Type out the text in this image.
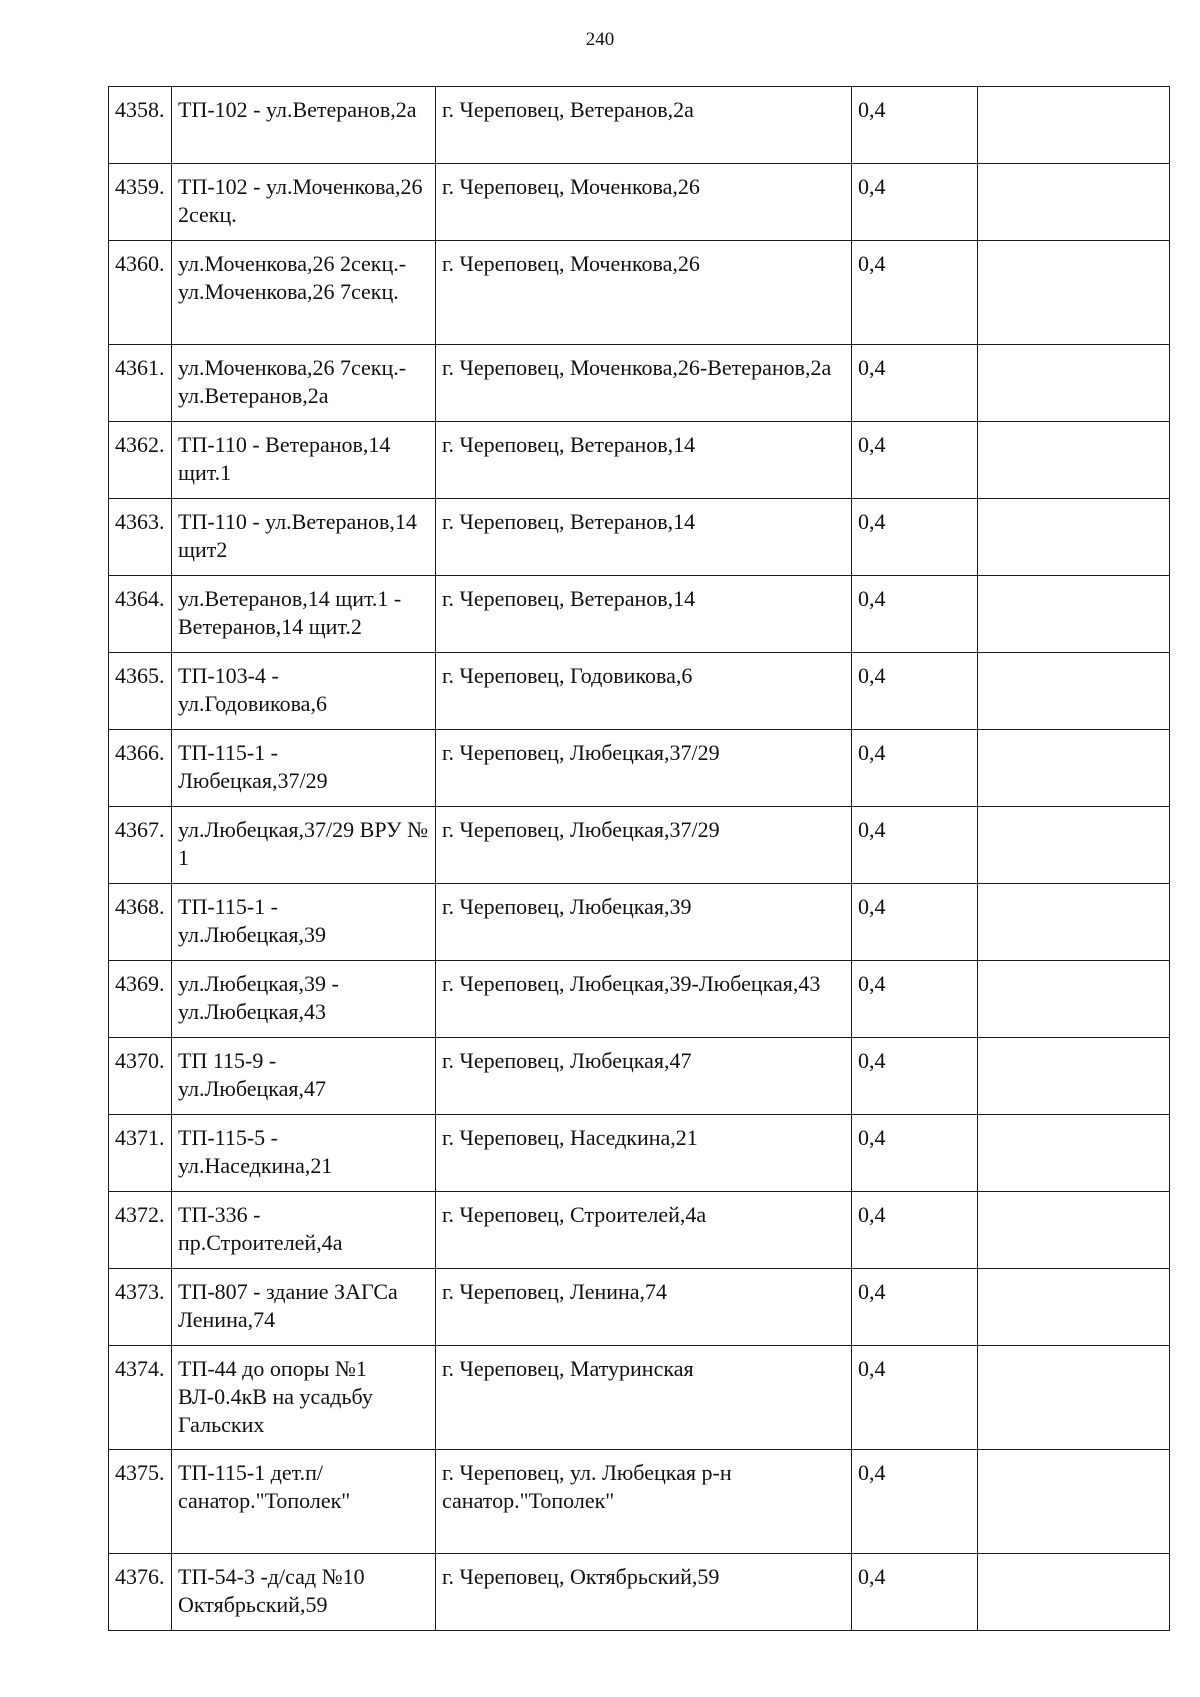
240
4358.	ТП-102 - ул.Ветеранов,2а	г. Череповец, Ветеранов,2а	0,4	
4359.	ТП-102 - ул.Моченкова,26 2секц.	г. Череповец, Моченкова,26	0,4	
4360.	ул.Моченкова,26 2секц.-ул.Моченкова,26 7секц.	г. Череповец, Моченкова,26	0,4	
4361.	ул.Моченкова,26 7секц.-ул.Ветеранов,2а	г. Череповец, Моченкова,26-Ветеранов,2а	0,4	
4362.	ТП-110 - Ветеранов,14 щит.1	г. Череповец, Ветеранов,14	0,4	
4363.	ТП-110 - ул.Ветеранов,14 щит2	г. Череповец, Ветеранов,14	0,4	
4364.	ул.Ветеранов,14 щит.1 - Ветеранов,14 щит.2	г. Череповец, Ветеранов,14	0,4	
4365.	ТП-103-4 - ул.Годовикова,6	г. Череповец, Годовикова,6	0,4	
4366.	ТП-115-1 - Любецкая,37/29	г. Череповец, Любецкая,37/29	0,4	
4367.	ул.Любецкая,37/29 ВРУ № 1	г. Череповец, Любецкая,37/29	0,4	
4368.	ТП-115-1 - ул.Любецкая,39	г. Череповец, Любецкая,39	0,4	
4369.	ул.Любецкая,39 - ул.Любецкая,43	г. Череповец, Любецкая,39-Любецкая,43	0,4	
4370.	ТП 115-9 - ул.Любецкая,47	г. Череповец, Любецкая,47	0,4	
4371.	ТП-115-5 - ул.Наседкина,21	г. Череповец, Наседкина,21	0,4	
4372.	ТП-336 - пр.Строителей,4а	г. Череповец, Строителей,4а	0,4	
4373.	ТП-807 - здание ЗАГСа Ленина,74	г. Череповец, Ленина,74	0,4	
4374.	ТП-44 до опоры №1 ВЛ-0.4кВ на усадьбу Гальских	г. Череповец, Матуринская	0,4	
4375.	ТП-115-1 дет.п/санатор."Тополек"	г. Череповец, ул. Любецкая р-н санатор."Тополек"	0,4	
4376.	ТП-54-3 -д/сад №10 Октябрьский,59	г. Череповец, Октябрьский,59	0,4	
